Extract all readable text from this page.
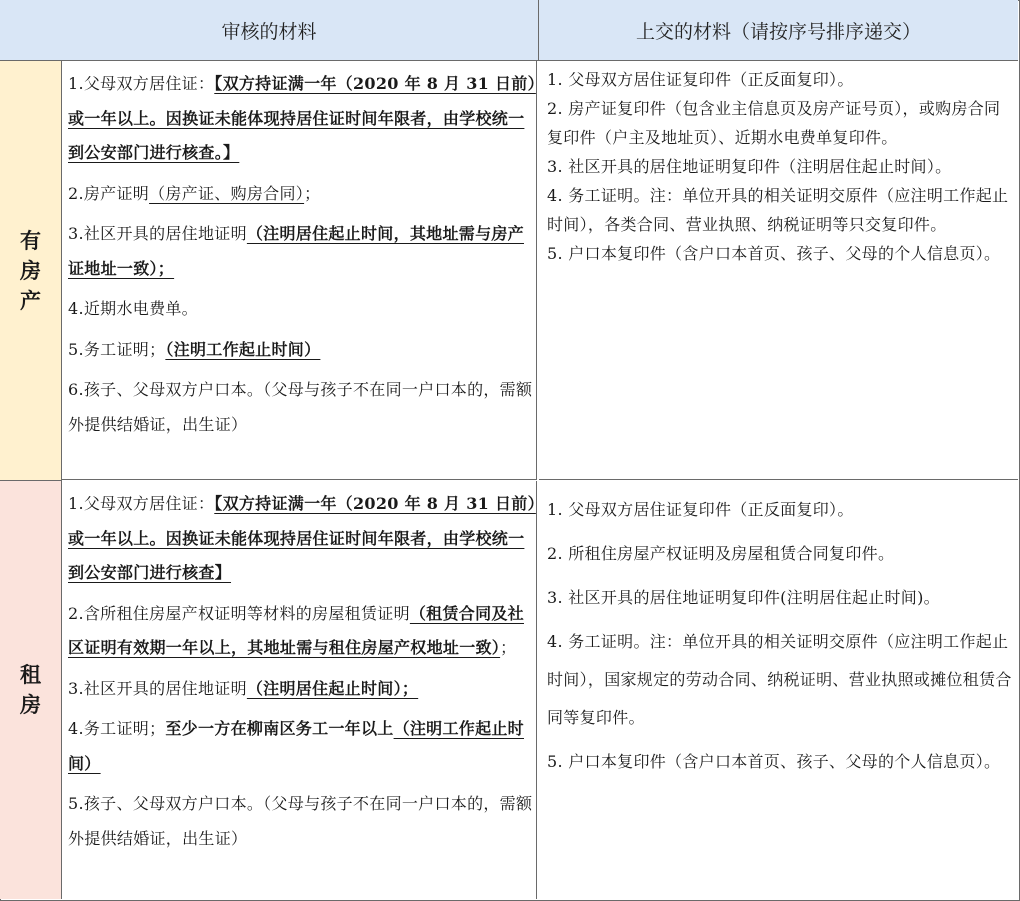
审核的材料	上交的材料（请按序号排序递交）
有
房
产

1.父母双方居住证：【双方持证满一年（2020 年 8 月 31 日前）或一年以上。因换证未能体现持居住证时间年限者，由学校统一到公安部门进行核查。】

2.房产证明（房产证、购房合同）；

3.社区开具的居住地证明（注明居住起止时间，其地址需与房产证地址一致）；

4.近期水电费单。

5.务工证明；（注明工作起止时间）

6.孩子、父母双方户口本。（父母与孩子不在同一户口本的，需额外提供结婚证，出生证）

1. 父母双方居住证复印件（正反面复印）。

2. 房产证复印件（包含业主信息页及房产证号页），或购房合同复印件（户主及地址页）、近期水电费单复印件。

3. 社区开具的居住地证明复印件（注明居住起止时间）。

4. 务工证明。注：单位开具的相关证明交原件（应注明工作起止时间），各类合同、营业执照、纳税证明等只交复印件。

5. 户口本复印件（含户口本首页、孩子、父母的个人信息页）。

租
房

1.父母双方居住证：【双方持证满一年（2020 年 8 月 31 日前）或一年以上。因换证未能体现持居住证时间年限者，由学校统一到公安部门进行核查】

2.含所租住房屋产权证明等材料的房屋租赁证明（租赁合同及社区证明有效期一年以上，其地址需与租住房屋产权地址一致）；

3.社区开具的居住地证明（注明居住起止时间）；

4.务工证明；至少一方在柳南区务工一年以上（注明工作起止时间）

5.孩子、父母双方户口本。（父母与孩子不在同一户口本的，需额外提供结婚证，出生证）

1. 父母双方居住证复印件（正反面复印）。

2. 所租住房屋产权证明及房屋租赁合同复印件。

3. 社区开具的居住地证明复印件(注明居住起止时间)。

4. 务工证明。注：单位开具的相关证明交原件（应注明工作起止时间），国家规定的劳动合同、纳税证明、营业执照或摊位租赁合同等复印件。

5. 户口本复印件（含户口本首页、孩子、父母的个人信息页）。
